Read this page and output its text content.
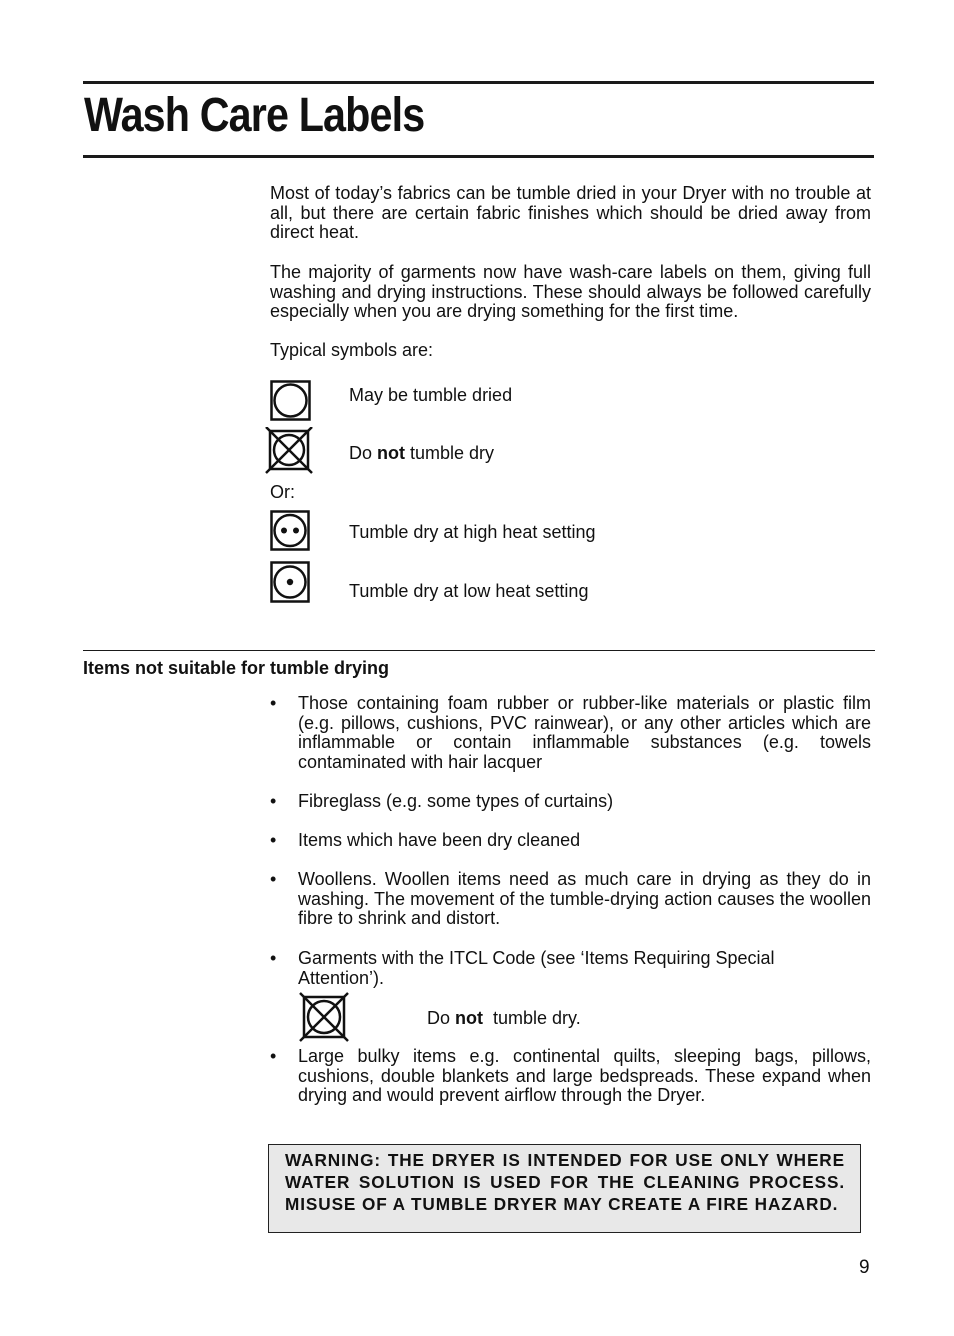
Wash Care Labels
Most of today’s fabrics can be tumble dried in your Dryer with no trouble at all, but there are certain fabric finishes which should be dried away from direct heat.
The majority of garments now have wash-care labels on them, giving full washing and drying instructions. These should always be followed carefully especially when you are drying something for the first time.
Typical symbols are:
May be tumble dried
Do not tumble dry
Or:
Tumble dry at high heat setting
Tumble dry at low heat setting
Items not suitable for tumble drying
•	Those containing foam rubber or rubber-like materials or plastic film (e.g. pillows, cushions, PVC rainwear), or any other articles which are inflammable or contain inflammable substances (e.g. towels contaminated with hair lacquer
•	Fibreglass (e.g. some types of curtains)
•	Items which have been dry cleaned
•	Woollens. Woollen items need as much care in drying as they do in washing. The movement of the tumble-drying action causes the woollen fibre to shrink and distort.
•	Garments with the ITCL Code (see ‘Items Requiring Special Attention’).
Do not  tumble dry.
•	Large bulky items e.g. continental quilts, sleeping bags, pillows, cushions, double blankets and large bedspreads. These expand when drying and would prevent airflow through the Dryer.
WARNING: THE DRYER IS INTENDED FOR USE ONLY WHERE WATER SOLUTION IS USED FOR THE CLEANING PROCESS. MISUSE OF A TUMBLE DRYER MAY CREATE A FIRE HAZARD.
9
